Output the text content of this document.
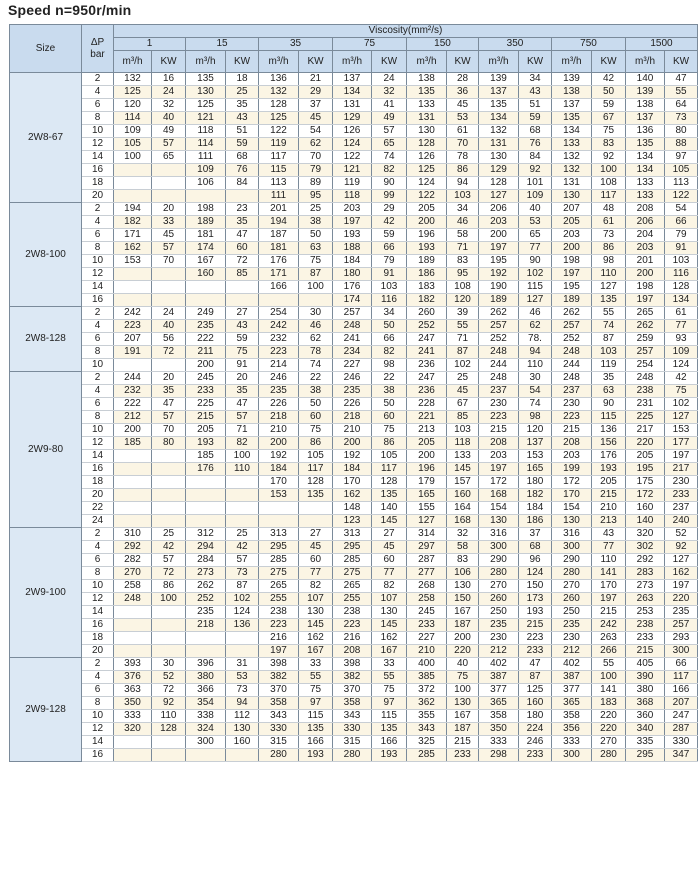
Speed n=950r/min
Size	ΔP
bar	Viscosity(mm²/s)															
		1		15		35		75		150		350		750		1500	
		m³/h	KW	m³/h	KW	m³/h	KW	m³/h	KW	m³/h	KW	m³/h	KW	m³/h	KW	m³/h	KW
2W8-67	2	132	16	135	18	136	21	137	24	138	28	139	34	139	42	140	47
	4	125	24	130	25	132	29	134	32	135	36	137	43	138	50	139	55
	6	120	32	125	35	128	37	131	41	133	45	135	51	137	59	138	64
	8	114	40	121	43	125	45	129	49	131	53	134	59	135	67	137	73
	10	109	49	118	51	122	54	126	57	130	61	132	68	134	75	136	80
	12	105	57	114	59	119	62	124	65	128	70	131	76	133	83	135	88
	14	100	65	111	68	117	70	122	74	126	78	130	84	132	92	134	97
	16			109	76	115	79	121	82	125	86	129	92	132	100	134	105
	18			106	84	113	89	119	90	124	94	128	101	131	108	133	113
	20					111	95	118	99	122	103	127	109	130	117	133	122
2W8-100	2	194	20	198	23	201	25	203	29	205	34	206	40	207	48	208	54
	4	182	33	189	35	194	38	197	42	200	46	203	53	205	61	206	66
	6	171	45	181	47	187	50	193	59	196	58	200	65	203	73	204	79
	8	162	57	174	60	181	63	188	66	193	71	197	77	200	86	203	91
	10	153	70	167	72	176	75	184	79	189	83	195	90	198	98	201	103
	12			160	85	171	87	180	91	186	95	192	102	197	110	200	116
	14					166	100	176	103	183	108	190	115	195	127	198	128
	16							174	116	182	120	189	127	189	135	197	134
2W8-128	2	242	24	249	27	254	30	257	34	260	39	262	46	262	55	265	61
	4	223	40	235	43	242	46	248	50	252	55	257	62	257	74	262	77
	6	207	56	222	59	232	62	241	66	247	71	252	78.	252	87	259	93
	8	191	72	211	75	223	78	234	82	241	87	248	94	248	103	257	109
	10			200	91	214	74	227	98	236	102	244	110	244	119	254	124
2W9-80	2	244	20	245	20	246	22	246	22	247	25	248	30	248	35	248	42
	4	232	35	233	35	235	38	235	38	236	45	237	54	237	63	238	75
	6	222	47	225	47	226	50	226	50	228	67	230	74	230	90	231	102
	8	212	57	215	57	218	60	218	60	221	85	223	98	223	115	225	127
	10	200	70	205	71	210	75	210	75	213	103	215	120	215	136	217	153
	12	185	80	193	82	200	86	200	86	205	118	208	137	208	156	220	177
	14			185	100	192	105	192	105	200	133	203	153	203	176	205	197
	16			176	110	184	117	184	117	196	145	197	165	199	193	195	217
	18					170	128	170	128	179	157	172	180	172	205	175	230
	20					153	135	162	135	165	160	168	182	170	215	172	233
	22							148	140	155	164	154	184	154	210	160	237
	24							123	145	127	168	130	186	130	213	140	240
2W9-100	2	310	25	312	25	313	27	313	27	314	32	316	37	316	43	320	52
	4	292	42	294	42	295	45	295	45	297	58	300	68	300	77	302	92
	6	282	57	284	57	285	60	285	60	287	83	290	96	290	110	292	127
	8	270	72	273	73	275	77	275	77	277	106	280	124	280	141	283	162
	10	258	86	262	87	265	82	265	82	268	130	270	150	270	170	273	197
	12	248	100	252	102	255	107	255	107	258	150	260	173	260	197	263	220
	14			235	124	238	130	238	130	245	167	250	193	250	215	253	235
	16			218	136	223	145	223	145	233	187	235	215	235	242	238	257
	18					216	162	216	162	227	200	230	223	230	263	233	293
	20					197	167	208	167	210	220	212	233	212	266	215	300
2W9-128	2	393	30	396	31	398	33	398	33	400	40	402	47	402	55	405	66
	4	376	52	380	53	382	55	382	55	385	75	387	87	387	100	390	117
	6	363	72	366	73	370	75	370	75	372	100	377	125	377	141	380	166
	8	350	92	354	94	358	97	358	97	362	130	365	160	365	183	368	207
	10	333	110	338	112	343	115	343	115	355	167	358	180	358	220	360	247
	12	320	128	324	130	330	135	330	135	343	187	350	224	356	220	340	287
	14			300	160	315	166	315	166	325	215	333	246	333	270	335	330
	16					280	193	280	193	285	233	298	233	300	280	295	347
